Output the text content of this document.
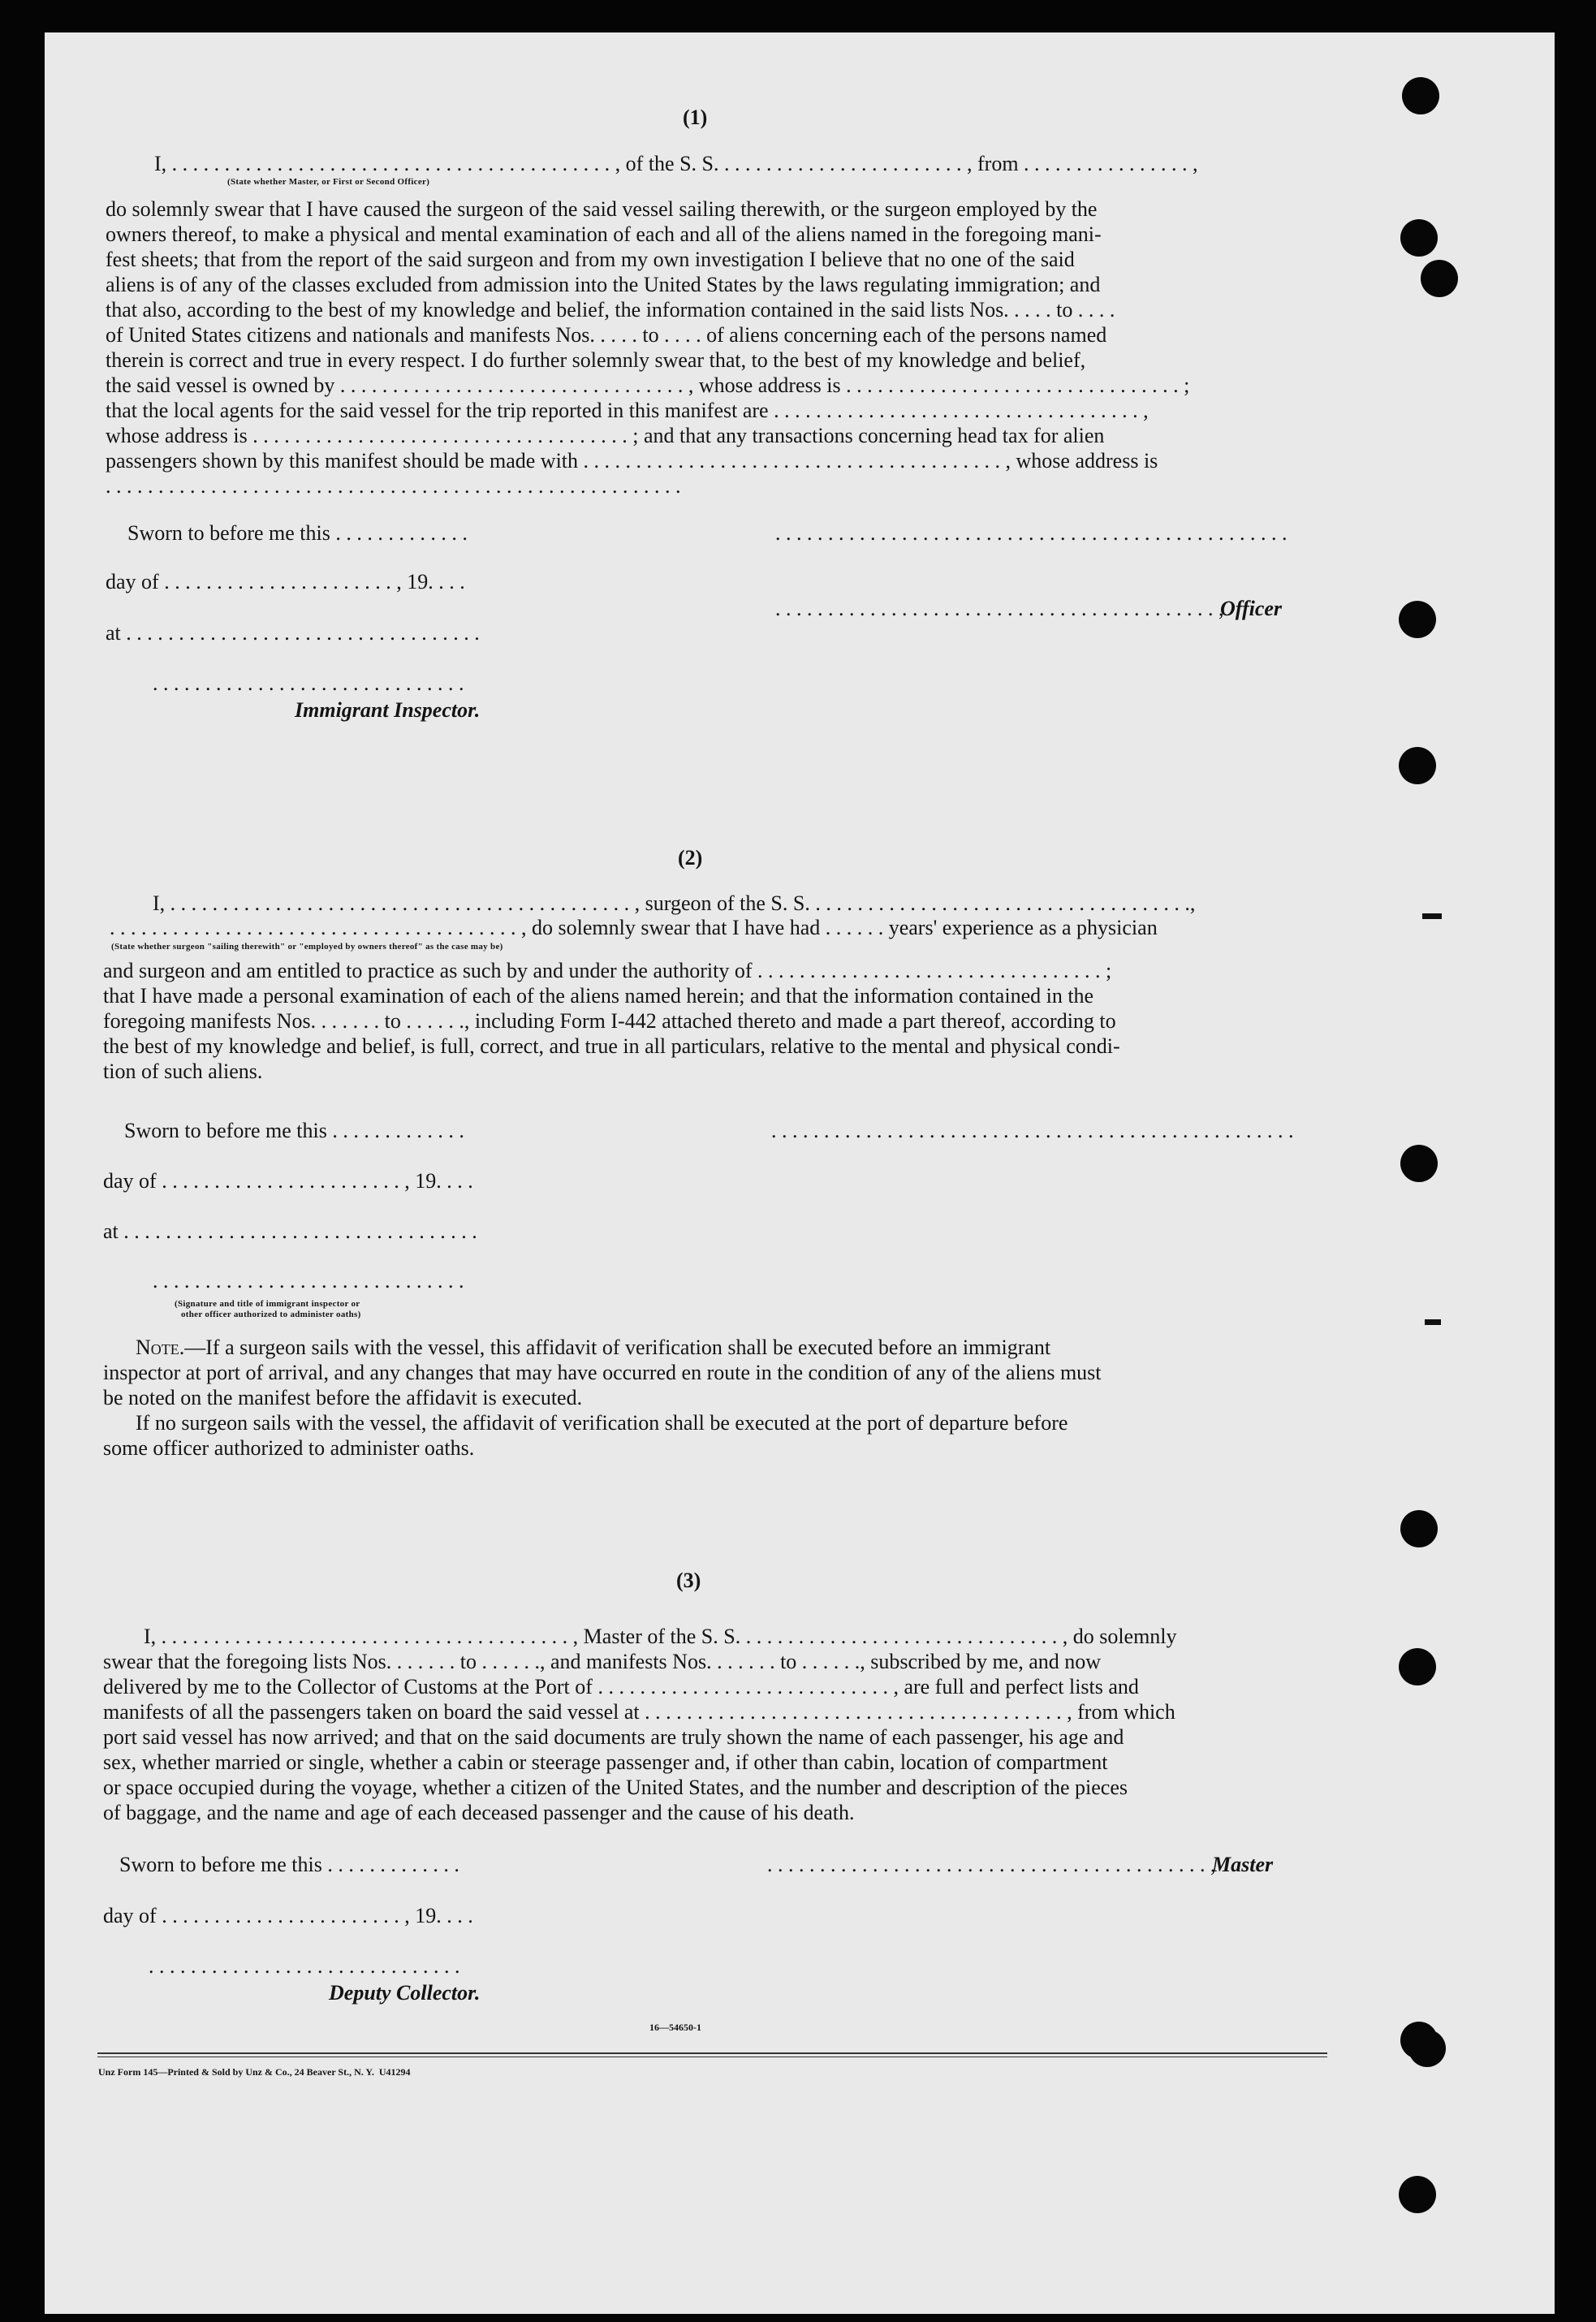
(1)
I, . . . . . . . . . . . . . . . . . . . . . . . . . . . . . . . . . . . . . . . . . . , of the S. S. . . . . . . . . . . . . . . . . . . . . . . . , from . . . . . . . . . . . . . . . . ,
(State whether Master, or First or Second Officer)
do solemnly swear that I have caused the surgeon of the said vessel sailing therewith, or the surgeon employed by the
owners thereof, to make a physical and mental examination of each and all of the aliens named in the foregoing mani-
fest sheets; that from the report of the said surgeon and from my own investigation I believe that no one of the said
aliens is of any of the classes excluded from admission into the United States by the laws regulating immigration; and
that also, according to the best of my knowledge and belief, the information contained in the said lists Nos. . . . . to . . . .
of United States citizens and nationals and manifests Nos. . . . . to . . . . of aliens concerning each of the persons named
therein is correct and true in every respect. I do further solemnly swear that, to the best of my knowledge and belief,
the said vessel is owned by . . . . . . . . . . . . . . . . . . . . . . . . . . . . . . . . . , whose address is . . . . . . . . . . . . . . . . . . . . . . . . . . . . . . . . ;
that the local agents for the said vessel for the trip reported in this manifest are . . . . . . . . . . . . . . . . . . . . . . . . . . . . . . . . . . . ,
whose address is . . . . . . . . . . . . . . . . . . . . . . . . . . . . . . . . . . . . ; and that any transactions concerning head tax for alien
passengers shown by this manifest should be made with . . . . . . . . . . . . . . . . . . . . . . . . . . . . . . . . . . . . . . . . , whose address is
. . . . . . . . . . . . . . . . . . . . . . . . . . . . . . . . . . . . . . . . . . . . . . . . . . . . . . .
Sworn to before me this . . . . . . . . . . . . .	. . . . . . . . . . . . . . . . . . . . . . . . . . . . . . . . . . . . . . . . . . . . . . . . .
day of . . . . . . . . . . . . . . . . . . . . . . , 19. . . .
. . . . . . . . . . . . . . . . . . . . . . . . . . . . . . . . . . . . . . . . . . ,
Officer
at . . . . . . . . . . . . . . . . . . . . . . . . . . . . . . . . . .
. . . . . . . . . . . . . . . . . . . . . . . . . . . . . .
Immigrant Inspector.
(2)
I, . . . . . . . . . . . . . . . . . . . . . . . . . . . . . . . . . . . . . . . . . . . . , surgeon of the S. S. . . . . . . . . . . . . . . . . . . . . . . . . . . . . . . . . . . . .,
. . . . . . . . . . . . . . . . . . . . . . . . . . . . . . . . . . . . . . . , do solemnly swear that I have had . . . . . . years' experience as a physician
(State whether surgeon "sailing therewith" or "employed by owners thereof" as the case may be)
and surgeon and am entitled to practice as such by and under the authority of . . . . . . . . . . . . . . . . . . . . . . . . . . . . . . . . . ;
that I have made a personal examination of each of the aliens named herein; and that the information contained in the
foregoing manifests Nos. . . . . . . to . . . . . ., including Form I-442 attached thereto and made a part thereof, according to
the best of my knowledge and belief, is full, correct, and true in all particulars, relative to the mental and physical condi-
tion of such aliens.
Sworn to before me this . . . . . . . . . . . . .	. . . . . . . . . . . . . . . . . . . . . . . . . . . . . . . . . . . . . . . . . . . . . . . . . .
day of . . . . . . . . . . . . . . . . . . . . . . . , 19. . . .
at . . . . . . . . . . . . . . . . . . . . . . . . . . . . . . . . . .
. . . . . . . . . . . . . . . . . . . . . . . . . . . . . .
(Signature and title of immigrant inspector or
other officer authorized to administer oaths)
Note.—If a surgeon sails with the vessel, this affidavit of verification shall be executed before an immigrant
inspector at port of arrival, and any changes that may have occurred en route in the condition of any of the aliens must
be noted on the manifest before the affidavit is executed.
If no surgeon sails with the vessel, the affidavit of verification shall be executed at the port of departure before
some officer authorized to administer oaths.
(3)
I, . . . . . . . . . . . . . . . . . . . . . . . . . . . . . . . . . . . . . . . , Master of the S. S. . . . . . . . . . . . . . . . . . . . . . . . . . . . . . . , do solemnly
swear that the foregoing lists Nos. . . . . . . to . . . . . ., and manifests Nos. . . . . . . to . . . . . ., subscribed by me, and now
delivered by me to the Collector of Customs at the Port of . . . . . . . . . . . . . . . . . . . . . . . . . . . . , are full and perfect lists and
manifests of all the passengers taken on board the said vessel at . . . . . . . . . . . . . . . . . . . . . . . . . . . . . . . . . . . . . . . . , from which
port said vessel has now arrived; and that on the said documents are truly shown the name of each passenger, his age and
sex, whether married or single, whether a cabin or steerage passenger and, if other than cabin, location of compartment
or space occupied during the voyage, whether a citizen of the United States, and the number and description of the pieces
of baggage, and the name and age of each deceased passenger and the cause of his death.
Sworn to before me this . . . . . . . . . . . . .	. . . . . . . . . . . . . . . . . . . . . . . . . . . . . . . . . . . . . . . . . . ,
Master
day of . . . . . . . . . . . . . . . . . . . . . . . , 19. . . .
. . . . . . . . . . . . . . . . . . . . . . . . . . . . . .
Deputy Collector.
16—54650-1
Unz Form 145—Printed & Sold by Unz & Co., 24 Beaver St., N. Y.  U41294
